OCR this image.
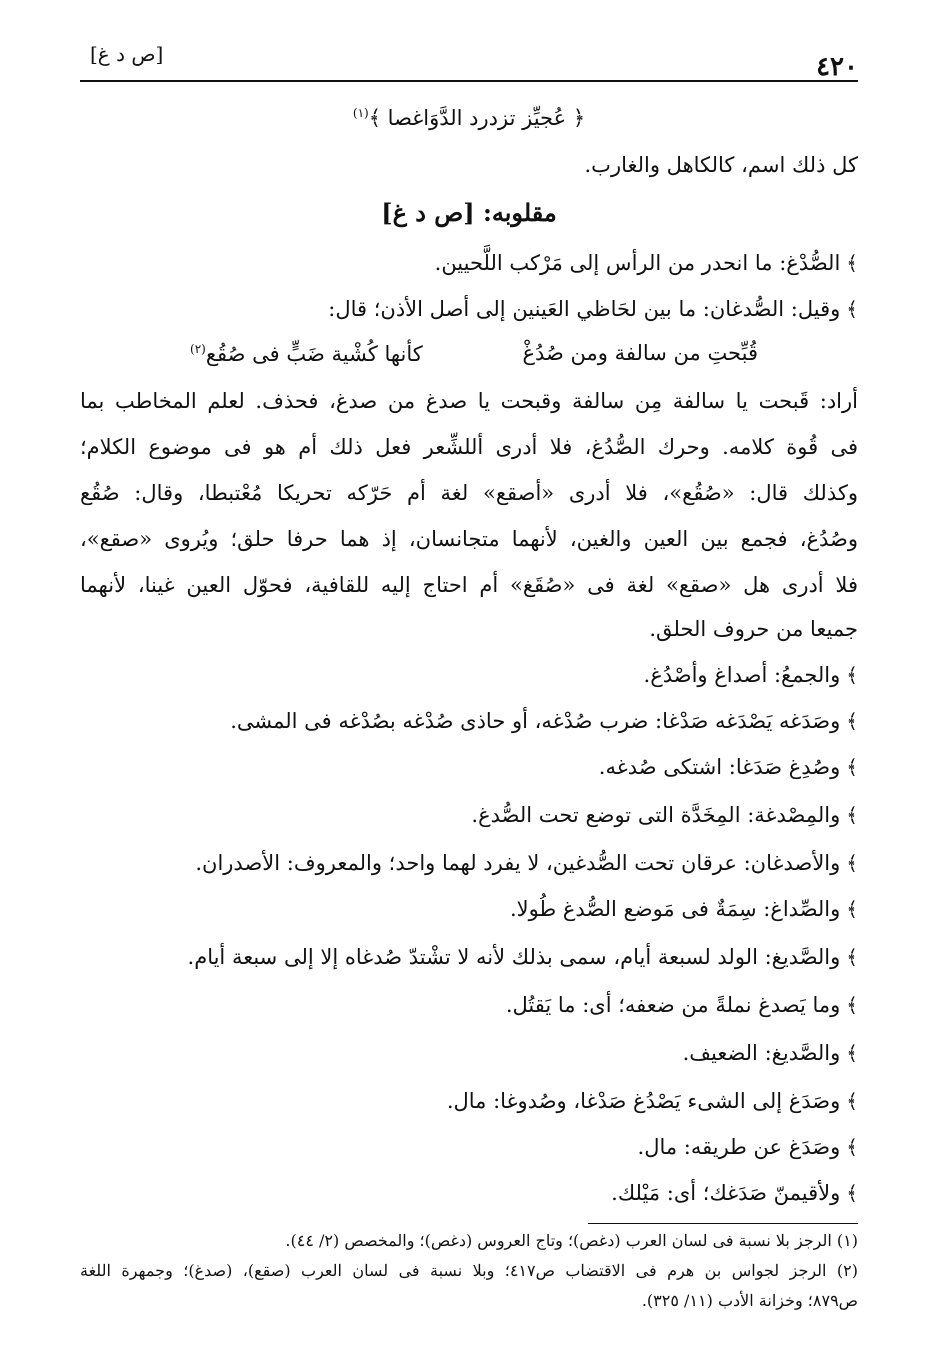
٤٢٠
[ص د غ]
﴿ عُجيِّز تزدرد الدَّوَاغصا ﴾$^{(١)}$
كل ذلك اسم، كالكاهل والغارب.
مقلوبه: [ص د غ]
﴾الصُّدْغ: ما انحدر من الرأس إلى مَرْكب اللَّحيين.
﴾وقيل: الصُّدغان: ما بين لحَاظي العَينين إلى أصل الأذن؛ قال:
قُبِّحتِ من سالفة ومن صُدُغْ
كأنها كُشْية ضَبٍّ فى صُقُع$^{(٢)}$
أراد: قَبحت يا سالفة مِن سالفة وقبحت يا صدغ من صدغ، فحذف. لعلم المخاطب بما
فى قُوة كلامه. وحرك الصُّدُغ، فلا أدرى أللشِّعر فعل ذلك أم هو فى موضوع الكلام؛
وكذلك قال: «صُقُع»، فلا أدرى «أصقع» لغة أم حَرّكه تحريكا مُعْتبطا، وقال: صُقُع
وصُدُغ، فجمع بين العين والغين، لأنهما متجانسان، إذ هما حرفا حلق؛ ويُروى «صقع»،
فلا أدرى هل «صقع» لغة فى «صُقَغ» أم احتاج إليه للقافية، فحوّل العين غينا، لأنهما
جميعا من حروف الحلق.
﴾والجمعُ: أصداغ وأصْدُغ.
﴾وصَدَغه يَصْدَغه صَدْغا: ضرب صُدْغه، أو حاذى صُدْغه بصُدْغه فى المشى.
﴾وصُدِغ صَدَغا: اشتكى صُدغه.
﴾والمِصْدغة: المِخَدَّة التى توضع تحت الصُّدغ.
﴾والأصدغان: عرقان تحت الصُّدغين، لا يفرد لهما واحد؛ والمعروف: الأصدران.
﴾والصِّداغ: سِمَةٌ فى مَوضع الصُّدغ طُولا.
﴾والصَّديغ: الولد لسبعة أيام، سمى بذلك لأنه لا تشْتدّ صُدغاه إلا إلى سبعة أيام.
﴾وما يَصدغ نملةً من ضعفه؛ أى: ما يَقتُل.
﴾والصَّديغ: الضعيف.
﴾وصَدَغ إلى الشىء يَصْدُغ صَدْغا، وصُدوغا: مال.
﴾وصَدَغ عن طريقه: مال.
﴾ولأقيمنّ صَدَغك؛ أى: مَيْلك.
(١) الرجز بلا نسبة فى لسان العرب (دغص)؛ وتاج العروس (دغص)؛ والمخصص (٢/ ٤٤).
(٢) الرجز لجواس بن هرم فى الاقتضاب ص٤١٧؛ وبلا نسبة فى لسان العرب (صقع)، (صدغ)؛ وجمهرة اللغة
ص٨٧٩؛ وخزانة الأدب (١١/ ٣٢٥).
